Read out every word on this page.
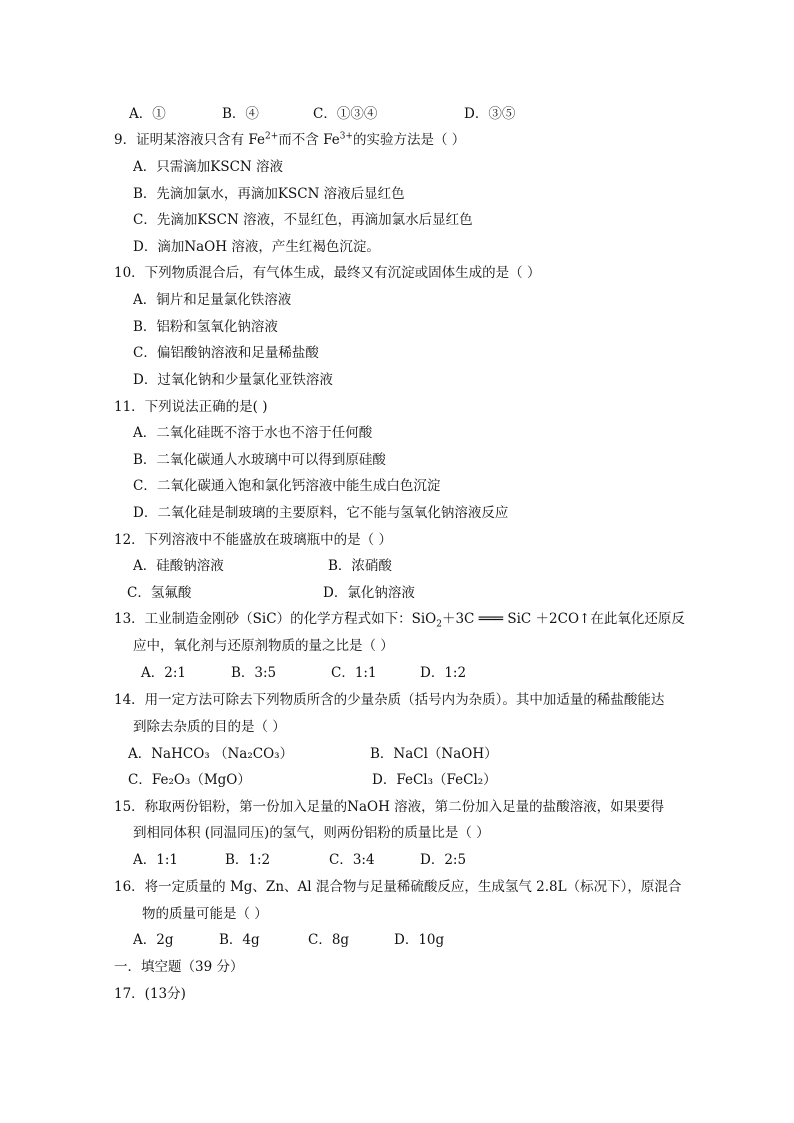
A．①	B．④	C．①③④	D．③⑤
9．证明某溶液只含有 $Fe^{2+}$而不含 $Fe^{3+}$的实验方法是（ ）
A．只需滴加KSCN 溶液
B．先滴加氯水，再滴加KSCN 溶液后显红色
C．先滴加KSCN 溶液，不显红色，再滴加氯水后显红色
D．滴加NaOH 溶液，产生红褐色沉淀。
10．下列物质混合后，有气体生成，最终又有沉淀或固体生成的是（ ）
A．铜片和足量氯化铁溶液
B．铝粉和氢氧化钠溶液
C．偏铝酸钠溶液和足量稀盐酸
D．过氧化钠和少量氯化亚铁溶液
11．下列说法正确的是( )
A．二氧化硅既不溶于水也不溶于任何酸
B．二氧化碳通人水玻璃中可以得到原硅酸
C．二氧化碳通入饱和氯化钙溶液中能生成白色沉淀
D．二氧化硅是制玻璃的主要原料，它不能与氢氧化钠溶液反应
12．下列溶液中不能盛放在玻璃瓶中的是（ ）
A．硅酸钠溶液	B．浓硝酸
C．氢氟酸	D．氯化钠溶液
13．工业制造金刚砂（SiC）的化学方程式如下：SiO$_2$＋3C ═══ SiC ＋2CO↑在此氧化还原反
应中，氧化剂与还原剂物质的量之比是（ ）
A．2:1	B．3:5	C．1:1	D．1:2
14．用一定方法可除去下列物质所含的少量杂质（括号内为杂质）。其中加适量的稀盐酸能达
到除去杂质的目的是（ ）
A．NaHCO₃ （Na₂CO₃）	B．NaCl（NaOH）
C．Fe₂O₃（MgO）	D．FeCl₃（FeCl₂）
15．称取两份铝粉，第一份加入足量的NaOH 溶液，第二份加入足量的盐酸溶液，如果要得
到相同体积 (同温同压)的氢气，则两份铝粉的质量比是（ ）
A．1:1	B．1:2	C．3:4	D．2:5
16．将一定质量的 Mg、Zn、Al 混合物与足量稀硫酸反应，生成氢气 2.8L（标况下），原混合
物的质量可能是（ ）
A．2g	B．4g	C．8g	D．10g
一．填空题（39 分）
17．(13分)
